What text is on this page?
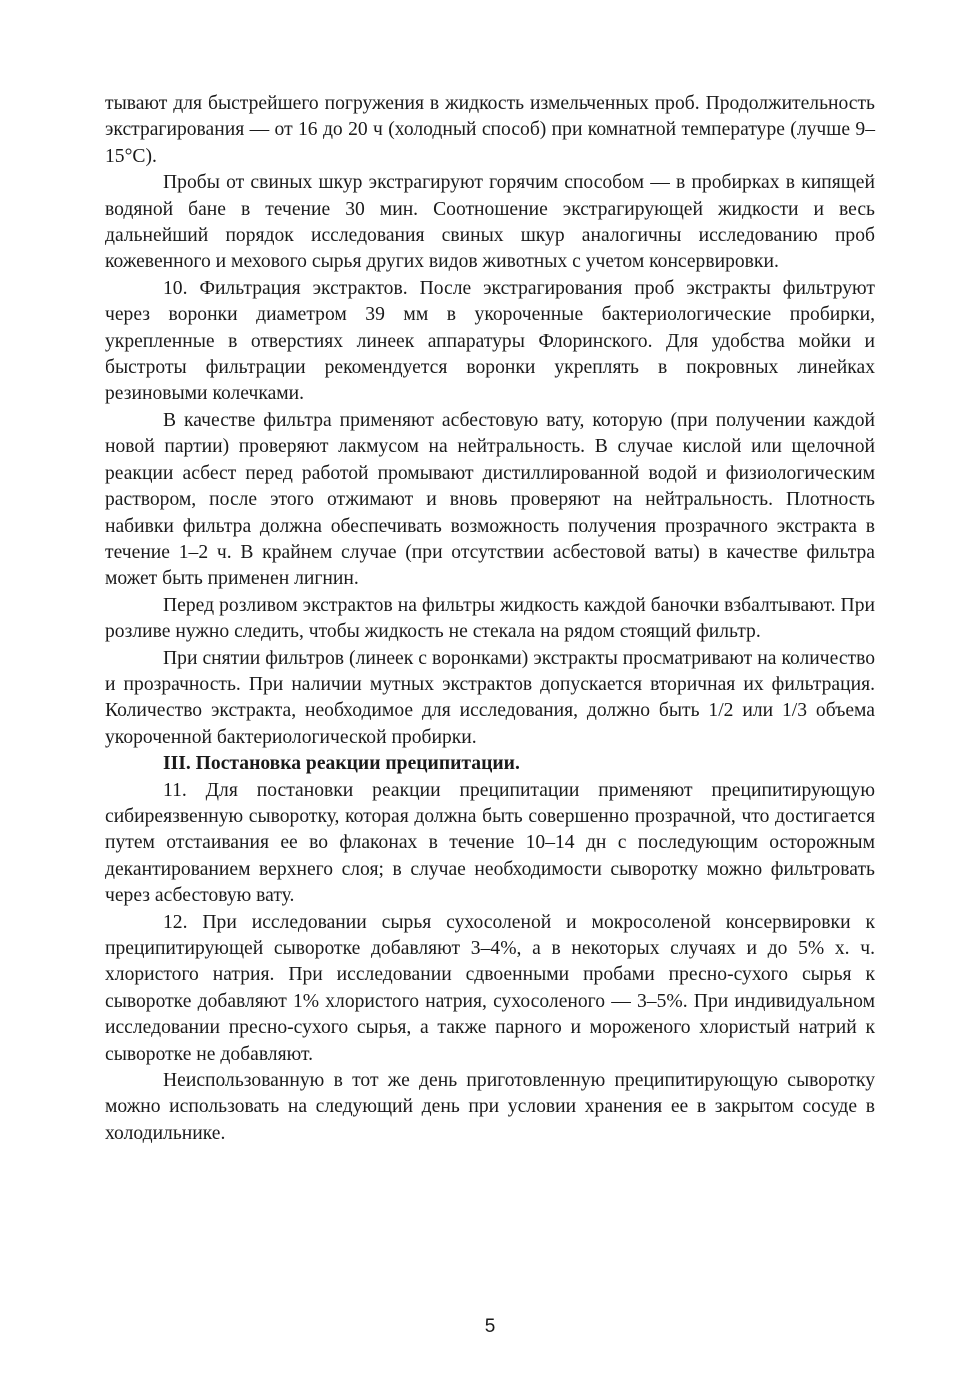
тывают для быстрейшего погружения в жидкость измельченных проб. Продолжительность экстрагирования — от 16 до 20 ч (холодный способ) при комнатной температуре (лучше 9–15°С).

Пробы от свиных шкур экстрагируют горячим способом — в пробирках в кипящей водяной бане в течение 30 мин. Соотношение экстрагирующей жидкости и весь дальнейший порядок исследования свиных шкур аналогичны исследованию проб кожевенного и мехового сырья других видов животных с учетом консервировки.

10. Фильтрация экстрактов. После экстрагирования проб экстракты фильтруют через воронки диаметром 39 мм в укороченные бактериологические пробирки, укрепленные в отверстиях линеек аппаратуры Флоринского. Для удобства мойки и быстроты фильтрации рекомендуется воронки укреплять в покровных линейках резиновыми колечками.

В качестве фильтра применяют асбестовую вату, которую (при получении каждой новой партии) проверяют лакмусом на нейтральность. В случае кислой или щелочной реакции асбест перед работой промывают дистиллированной водой и физиологическим раствором, после этого отжимают и вновь проверяют на нейтральность. Плотность набивки фильтра должна обеспечивать возможность получения прозрачного экстракта в течение 1–2 ч. В крайнем случае (при отсутствии асбестовой ваты) в качестве фильтра может быть применен лигнин.

Перед розливом экстрактов на фильтры жидкость каждой баночки взбалтывают. При розливе нужно следить, чтобы жидкость не стекала на рядом стоящий фильтр.

При снятии фильтров (линеек с воронками) экстракты просматривают на количество и прозрачность. При наличии мутных экстрактов допускается вторичная их фильтрация. Количество экстракта, необходимое для исследования, должно быть 1/2 или 1/3 объема укороченной бактериологической пробирки.

III. Постановка реакции преципитации.

11. Для постановки реакции преципитации применяют преципитирующую сибиреязвенную сыворотку, которая должна быть совершенно прозрачной, что достигается путем отстаивания ее во флаконах в течение 10–14 дн с последующим осторожным декантированием верхнего слоя; в случае необходимости сыворотку можно фильтровать через асбестовую вату.

12. При исследовании сырья сухосоленой и мокросоленой консервировки к преципитирующей сыворотке добавляют 3–4%, а в некоторых случаях и до 5% х. ч. хлористого натрия. При исследовании сдвоенными пробами пресно-сухого сырья к сыворотке добавляют 1% хлористого натрия, сухосоленого — 3–5%. При индивидуальном исследовании пресно-сухого сырья, а также парного и мороженого хлористый натрий к сыворотке не добавляют.

Неиспользованную в тот же день приготовленную преципитирующую сыворотку можно использовать на следующий день при условии хранения ее в закрытом сосуде в холодильнике.

5
